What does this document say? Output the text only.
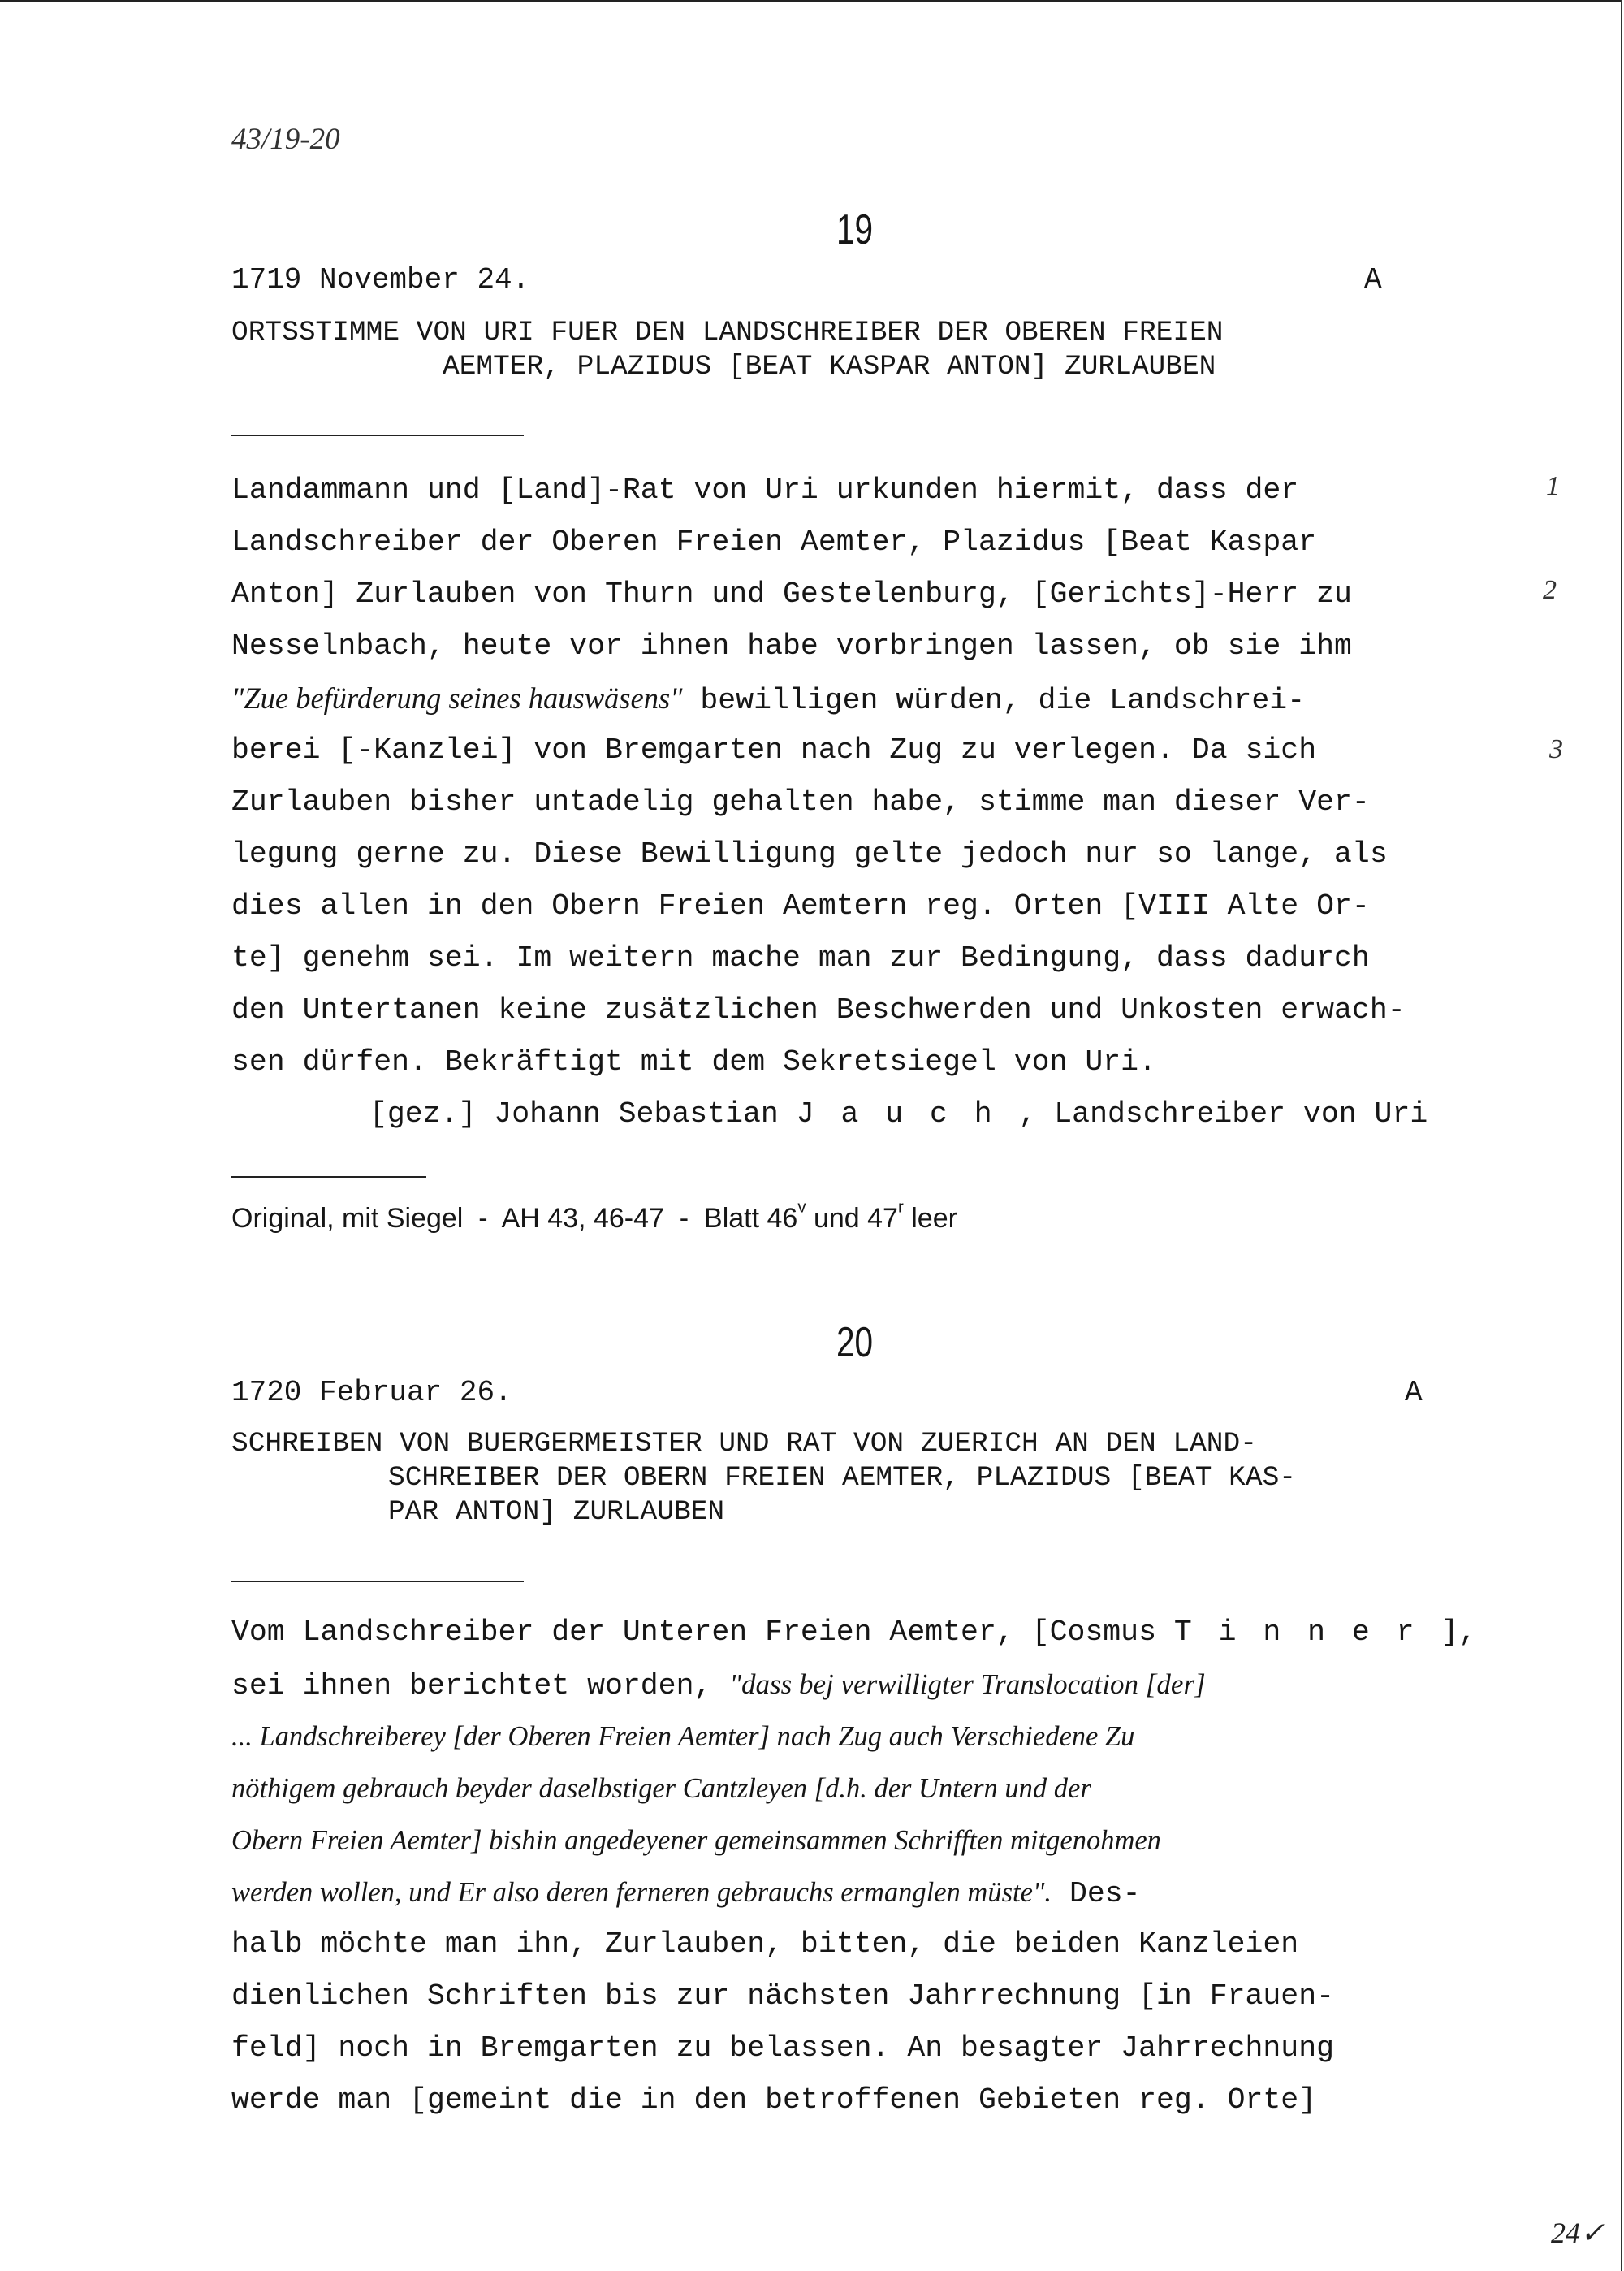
43/19-20
19
1719 November 24.	A
ORTSSTIMME VON URI FUER DEN LANDSCHREIBER DER OBEREN FREIEN
AEMTER, PLAZIDUS [BEAT KASPAR ANTON] ZURLAUBEN
Landammann und [Land]-Rat von Uri urkunden hiermit, dass der
Landschreiber der Oberen Freien Aemter, Plazidus [Beat Kaspar
Anton] Zurlauben von Thurn und Gestelenburg, [Gerichts]-Herr zu
Nesselnbach, heute vor ihnen habe vorbringen lassen, ob sie ihm
"Zue befürderung seines hauswäsens" bewilligen würden, die Landschrei-
berei [-Kanzlei] von Bremgarten nach Zug zu verlegen. Da sich
Zurlauben bisher untadelig gehalten habe, stimme man dieser Ver-
legung gerne zu. Diese Bewilligung gelte jedoch nur so lange, als
dies allen in den Obern Freien Aemtern reg. Orten [VIII Alte Or-
te] genehm sei. Im weitern mache man zur Bedingung, dass dadurch
den Untertanen keine zusätzlichen Beschwerden und Unkosten erwach-
sen dürfen. Bekräftigt mit dem Sekretsiegel von Uri.
[gez.] Johann Sebastian Jauch, Landschreiber von Uri
1
2
3
Original, mit Siegel  -  AH 43, 46-47  -  Blatt 46$^v$ und 47$^r$ leer
20
1720 Februar 26.	A
SCHREIBEN VON BUERGERMEISTER UND RAT VON ZUERICH AN DEN LAND-
SCHREIBER DER OBERN FREIEN AEMTER, PLAZIDUS [BEAT KAS-
PAR ANTON] ZURLAUBEN
Vom Landschreiber der Unteren Freien Aemter, [Cosmus Tinner],
sei ihnen berichtet worden, "dass bej verwilligter Translocation [der]
... Landschreiberey [der Oberen Freien Aemter] nach Zug auch Verschiedene Zu
nöthigem gebrauch beyder daselbstiger Cantzleyen [d.h. der Untern und der
Obern Freien Aemter] bishin angedeyener gemeinsammen Schrifften mitgenohmen
werden wollen, und Er also deren ferneren gebrauchs ermanglen müste". Des-
halb möchte man ihn, Zurlauben, bitten, die beiden Kanzleien
dienlichen Schriften bis zur nächsten Jahrrechnung [in Frauen-
feld] noch in Bremgarten zu belassen. An besagter Jahrrechnung
werde man [gemeint die in den betroffenen Gebieten reg. Orte]
24✓
